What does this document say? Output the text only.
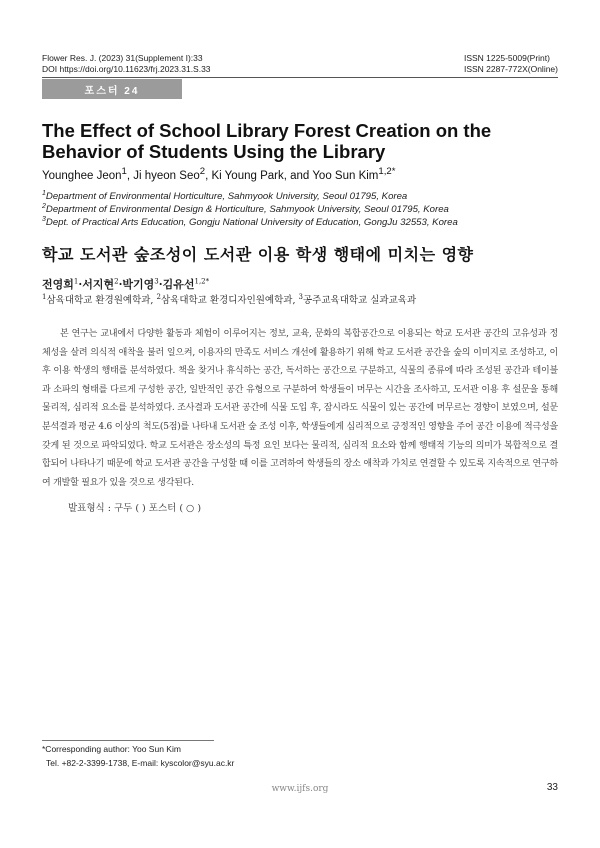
Flower Res. J. (2023) 31(Supplement I):33
DOI https://doi.org/10.11623/frj.2023.31.S.33
ISSN 1225-5009(Print)
ISSN 2287-772X(Online)
포스터 24
The Effect of School Library Forest Creation on the Behavior of Students Using the Library
Younghee Jeon$^1$, Ji hyeon Seo$^2$, Ki Young Park, and Yoo Sun Kim$^{1,2*}$
$^1$Department of Environmental Horticulture, Sahmyook University, Seoul 01795, Korea
$^2$Department of Environmental Design & Horticulture, Sahmyook University, Seoul 01795, Korea
$^3$Dept. of Practical Arts Education, Gongju National University of Education, GongJu 32553, Korea
학교 도서관 숲조성이 도서관 이용 학생 행태에 미치는 영향
전영희$^1$·서지현$^2$·박기영$^3$·김유선$^{1,2*}$
$^1$삼육대학교 환경원예학과, $^2$삼육대학교 환경디자인원예학과, $^3$공주교육대학교 실과교육과

본 연구는 교내에서 다양한 활동과 체험이 이루어지는 정보, 교육, 문화의 복합공간으로 이용되는 학교 도서관 공간의 고유성과 정체성을 살려 의식적 애착을 불러 일으켜, 이용자의 만족도 서비스 개선에 활용하기 위해 학교 도서관 공간을 숲의 이미지로 조성하고, 이후 이용 학생의 행태를 분석하였다. 책을 찾거나 휴식하는 공간, 독서하는 공간으로 구분하고, 식물의 종류에 따라 조성된 공간과 테이블과 소파의 형태를 다르게 구성한 공간, 일반적인 공간 유형으로 구분하여 학생들이 머무는 시간을 조사하고, 도서관 이용 후 설문을 통해 물리적, 심리적 요소를 분석하였다. 조사결과 도서관 공간에 식물 도입 후, 잠시라도 식물이 있는 공간에 머무르는 경향이 보였으며, 설문 분석결과 평균 4.6 이상의 척도(5점)를 나타내 도서관 숲 조성 이후, 학생들에게 심리적으로 긍정적인 영향을 주어 공간 이용에 적극성을 갖게 된 것으로 파악되었다. 학교 도서관은 장소성의 특정 요인 보다는 물리적, 심리적 요소와 함께 행태적 기능의 의미가 복합적으로 결합되어 나타나기 때문에 학교 도서관 공간을 구성할 때 이를 고려하여 학생들의 장소 애착과 가치로 연결할 수 있도록 지속적으로 연구하여 개발할 필요가 있을 것으로 생각된다.

발표형식 : 구두 ( ) 포스터 ( ○ )
*Corresponding author: Yoo Sun Kim
Tel. +82-2-3399-1738, E-mail: kyscolor@syu.ac.kr
www.ijfs.org	33
